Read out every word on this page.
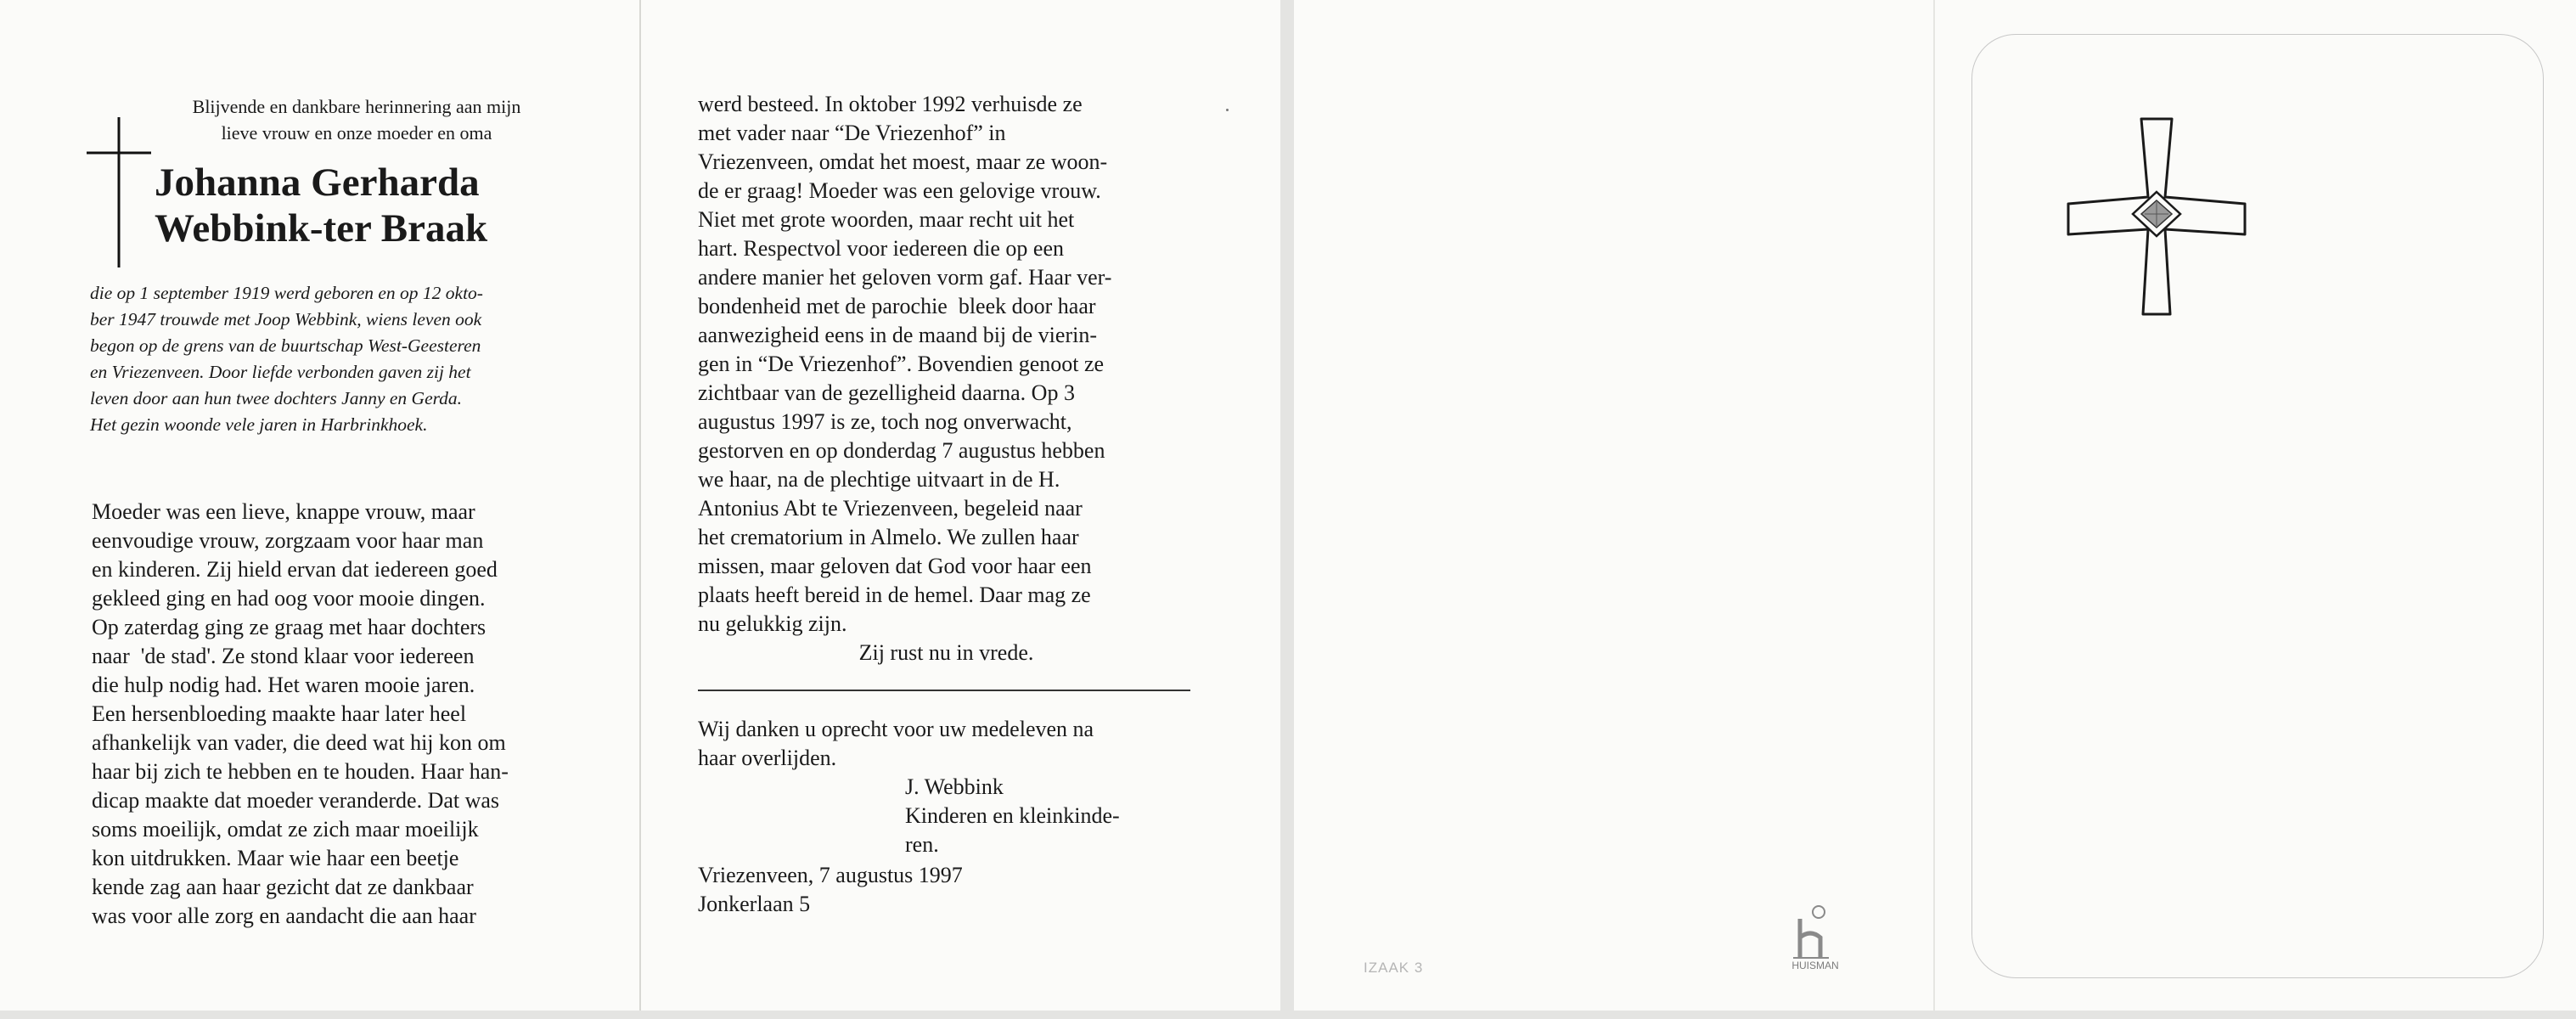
Blijvende en dankbare herinnering aan mijn
lieve vrouw en onze moeder en oma
Johanna Gerharda
Webbink-ter Braak
die op 1 september 1919 werd geboren en op 12 okto-
ber 1947 trouwde met Joop Webbink, wiens leven ook
begon op de grens van de buurtschap West-Geesteren
en Vriezenveen. Door liefde verbonden gaven zij het
leven door aan hun twee dochters Janny en Gerda.
Het gezin woonde vele jaren in Harbrinkhoek.
Moeder was een lieve, knappe vrouw, maar
eenvoudige vrouw, zorgzaam voor haar man
en kinderen. Zij hield ervan dat iedereen goed
gekleed ging en had oog voor mooie dingen.
Op zaterdag ging ze graag met haar dochters
naar  'de stad'. Ze stond klaar voor iedereen
die hulp nodig had. Het waren mooie jaren.
Een hersenbloeding maakte haar later heel
afhankelijk van vader, die deed wat hij kon om
haar bij zich te hebben en te houden. Haar han-
dicap maakte dat moeder veranderde. Dat was
soms moeilijk, omdat ze zich maar moeilijk
kon uitdrukken. Maar wie haar een beetje
kende zag aan haar gezicht dat ze dankbaar
was voor alle zorg en aandacht die aan haar
werd besteed. In oktober 1992 verhuisde ze
met vader naar “De Vriezenhof” in
Vriezenveen, omdat het moest, maar ze woon-
de er graag! Moeder was een gelovige vrouw.
Niet met grote woorden, maar recht uit het
hart. Respectvol voor iedereen die op een
andere manier het geloven vorm gaf. Haar ver-
bondenheid met de parochie  bleek door haar
aanwezigheid eens in de maand bij de vierin-
gen in “De Vriezenhof”. Bovendien genoot ze
zichtbaar van de gezelligheid daarna. Op 3
augustus 1997 is ze, toch nog onverwacht,
gestorven en op donderdag 7 augustus hebben
we haar, na de plechtige uitvaart in de H.
Antonius Abt te Vriezenveen, begeleid naar
het crematorium in Almelo. We zullen haar
missen, maar geloven dat God voor haar een
plaats heeft bereid in de hemel. Daar mag ze
nu gelukkig zijn.
Zij rust nu in vrede.
Wij danken u oprecht voor uw medeleven na
haar overlijden.
J. Webbink
Kinderen en kleinkinde-
ren.
Vriezenveen, 7 augustus 1997
Jonkerlaan 5
IZAAK 3	HUISMAN
